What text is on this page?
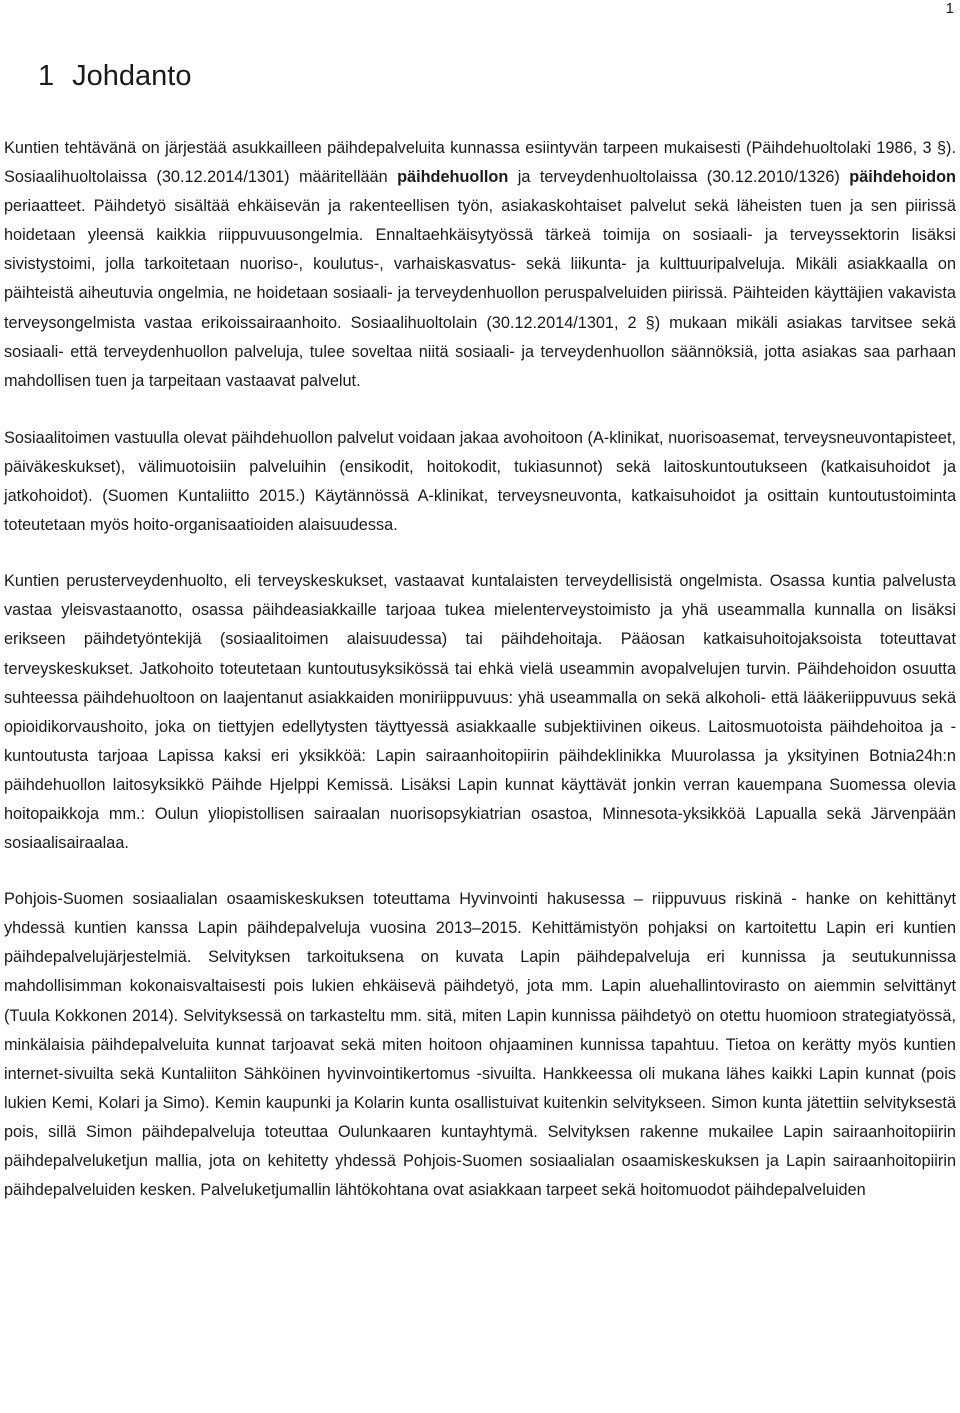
1
1 Johdanto

Kuntien tehtävänä on järjestää asukkailleen päihdepalveluita kunnassa esiintyvän tarpeen mukaisesti (Päihdehuoltolaki 1986, 3 §). Sosiaalihuoltolaissa (30.12.2014/1301) määritellään päihdehuollon ja terveydenhuoltolaissa (30.12.2010/1326) päihdehoidon periaatteet. Päihdetyö sisältää ehkäisevän ja rakenteellisen työn, asiakaskohtaiset palvelut sekä läheisten tuen ja sen piirissä hoidetaan yleensä kaikkia riippuvuusongelmia. Ennaltaehkäisytyössä tärkeä toimija on sosiaali- ja terveyssektorin lisäksi sivistystoimi, jolla tarkoitetaan nuoriso-, koulutus-, varhaiskasvatus- sekä liikunta- ja kulttuuripalveluja. Mikäli asiakkaalla on päihteistä aiheutuvia ongelmia, ne hoidetaan sosiaali- ja terveydenhuollon peruspalveluiden piirissä. Päihteiden käyttäjien vakavista terveysongelmista vastaa erikoissairaanhoito. Sosiaalihuoltolain (30.12.2014/1301, 2 §) mukaan mikäli asiakas tarvitsee sekä sosiaali- että terveydenhuollon palveluja, tulee soveltaa niitä sosiaali- ja terveydenhuollon säännöksiä, jotta asiakas saa parhaan mahdollisen tuen ja tarpeitaan vastaavat palvelut.

Sosiaalitoimen vastuulla olevat päihdehuollon palvelut voidaan jakaa avohoitoon (A-klinikat, nuorisoasemat, terveysneuvontapisteet, päiväkeskukset), välimuotoisiin palveluihin (ensikodit, hoitokodit, tukiasunnot) sekä laitoskuntoutukseen (katkaisuhoidot ja jatkohoidot). (Suomen Kuntaliitto 2015.) Käytännössä A-klinikat, terveysneuvonta, katkaisuhoidot ja osittain kuntoutustoiminta toteutetaan myös hoito-organisaatioiden alaisuudessa.

Kuntien perusterveydenhuolto, eli terveyskeskukset, vastaavat kuntalaisten terveydellisistä ongelmista. Osassa kuntia palvelusta vastaa yleisvastaanotto, osassa päihdeasiakkaille tarjoaa tukea mielenterveystoimisto ja yhä useammalla kunnalla on lisäksi erikseen päihdetyöntekijä (sosiaalitoimen alaisuudessa) tai päihdehoitaja. Pääosan katkaisuhoitojaksoista toteuttavat terveyskeskukset. Jatkohoito toteutetaan kuntoutusyksikössä tai ehkä vielä useammin avopalvelujen turvin. Päihdehoidon osuutta suhteessa päihdehuoltoon on laajentanut asiakkaiden moniriippuvuus: yhä useammalla on sekä alkoholi- että lääkeriippuvuus sekä opioidikorvaushoito, joka on tiettyjen edellytysten täyttyessä asiakkaalle subjektiivinen oikeus. Laitosmuotoista päihdehoitoa ja -kuntoutusta tarjoaa Lapissa kaksi eri yksikköä: Lapin sairaanhoitopiirin päihdeklinikka Muurolassa ja yksityinen Botnia24h:n päihdehuollon laitosyksikkö Päihde Hjelppi Kemissä. Lisäksi Lapin kunnat käyttävät jonkin verran kauempana Suomessa olevia hoitopaikkoja mm.: Oulun yliopistollisen sairaalan nuorisopsykiatrian osastoa, Minnesota-yksikköä Lapualla sekä Järvenpään sosiaalisairaalaa.

Pohjois-Suomen sosiaalialan osaamiskeskuksen toteuttama Hyvinvointi hakusessa – riippuvuus riskinä - hanke on kehittänyt yhdessä kuntien kanssa Lapin päihdepalveluja vuosina 2013–2015. Kehittämistyön pohjaksi on kartoitettu Lapin eri kuntien päihdepalvelujärjestelmiä. Selvityksen tarkoituksena on kuvata Lapin päihdepalveluja eri kunnissa ja seutukunnissa mahdollisimman kokonaisvaltaisesti pois lukien ehkäisevä päihdetyö, jota mm. Lapin aluehallintovirasto on aiemmin selvittänyt (Tuula Kokkonen 2014). Selvityksessä on tarkasteltu mm. sitä, miten Lapin kunnissa päihdetyö on otettu huomioon strategiatyössä, minkälaisia päihdepalveluita kunnat tarjoavat sekä miten hoitoon ohjaaminen kunnissa tapahtuu. Tietoa on kerätty myös kuntien internet-sivuilta sekä Kuntaliiton Sähköinen hyvinvointikertomus -sivuilta. Hankkeessa oli mukana lähes kaikki Lapin kunnat (pois lukien Kemi, Kolari ja Simo). Kemin kaupunki ja Kolarin kunta osallistuivat kuitenkin selvitykseen. Simon kunta jätettiin selvityksestä pois, sillä Simon päihdepalveluja toteuttaa Oulunkaaren kuntayhtymä. Selvityksen rakenne mukailee Lapin sairaanhoitopiirin päihdepalveluketjun mallia, jota on kehitetty yhdessä Pohjois-Suomen sosiaalialan osaamiskeskuksen ja Lapin sairaanhoitopiirin päihdepalveluiden kesken. Palveluketjumallin lähtökohtana ovat asiakkaan tarpeet sekä hoitomuodot päihdepalveluiden
